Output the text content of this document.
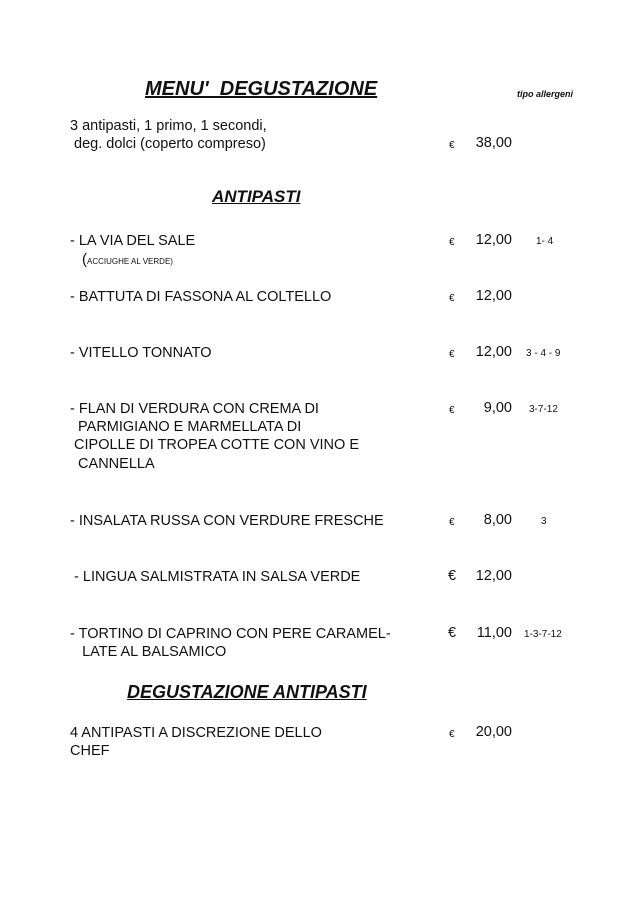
MENU'  DEGUSTAZIONE	tipo allergeni
3 antipasti, 1 primo, 1 secondi,
deg. dolci (coperto compreso)	€	38,00
ANTIPASTI
- LA VIA DEL SALE
(ACCIUGHE AL VERDE)
€	12,00 1- 4
- BATTUTA DI FASSONA AL COLTELLO	€	12,00
- VITELLO TONNATO	€	12,00 3 - 4 - 9
- FLAN DI VERDURA CON CREMA DI
PARMIGIANO E MARMELLATA DI
CIPOLLE DI TROPEA COTTE CON VINO E
CANNELLA
€	9,00 3-7-12
- INSALATA RUSSA CON VERDURE FRESCHE	€	8,00	3
- LINGUA SALMISTRATA IN SALSA VERDE	€	12,00
- TORTINO DI CAPRINO CON PERE CARAMEL-
LATE AL BALSAMICO
€	11,00 1-3-7-12
DEGUSTAZIONE ANTIPASTI
4 ANTIPASTI A DISCREZIONE DELLO
CHEF
€	20,00
